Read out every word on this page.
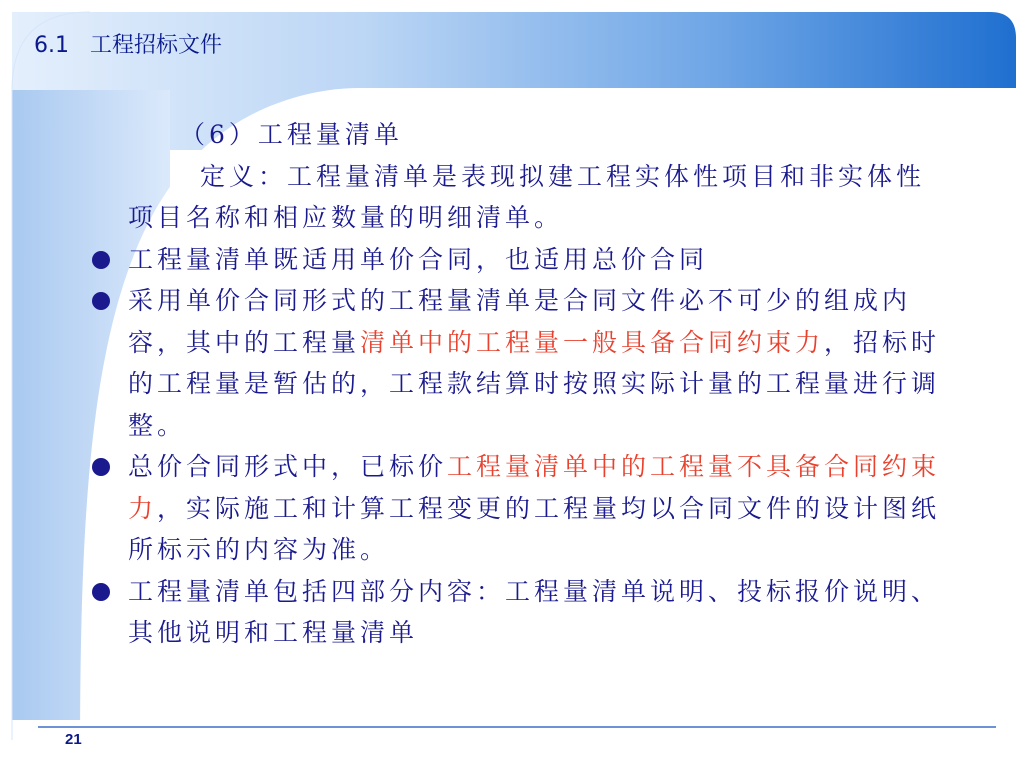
6.1   工程招标文件

（6）工程量清单

定义：工程量清单是表现拟建工程实体性项目和非实体性项目名称和相应数量的明细清单。

工程量清单既适用单价合同，也适用总价合同

采用单价合同形式的工程量清单是合同文件必不可少的组成内容，其中的工程量清单中的工程量一般具备合同约束力，招标时的工程量是暂估的，工程款结算时按照实际计量的工程量进行调整。

总价合同形式中，已标价工程量清单中的工程量不具备合同约束力，实际施工和计算工程变更的工程量均以合同文件的设计图纸所标示的内容为准。

工程量清单包括四部分内容：工程量清单说明、投标报价说明、其他说明和工程量清单

21
